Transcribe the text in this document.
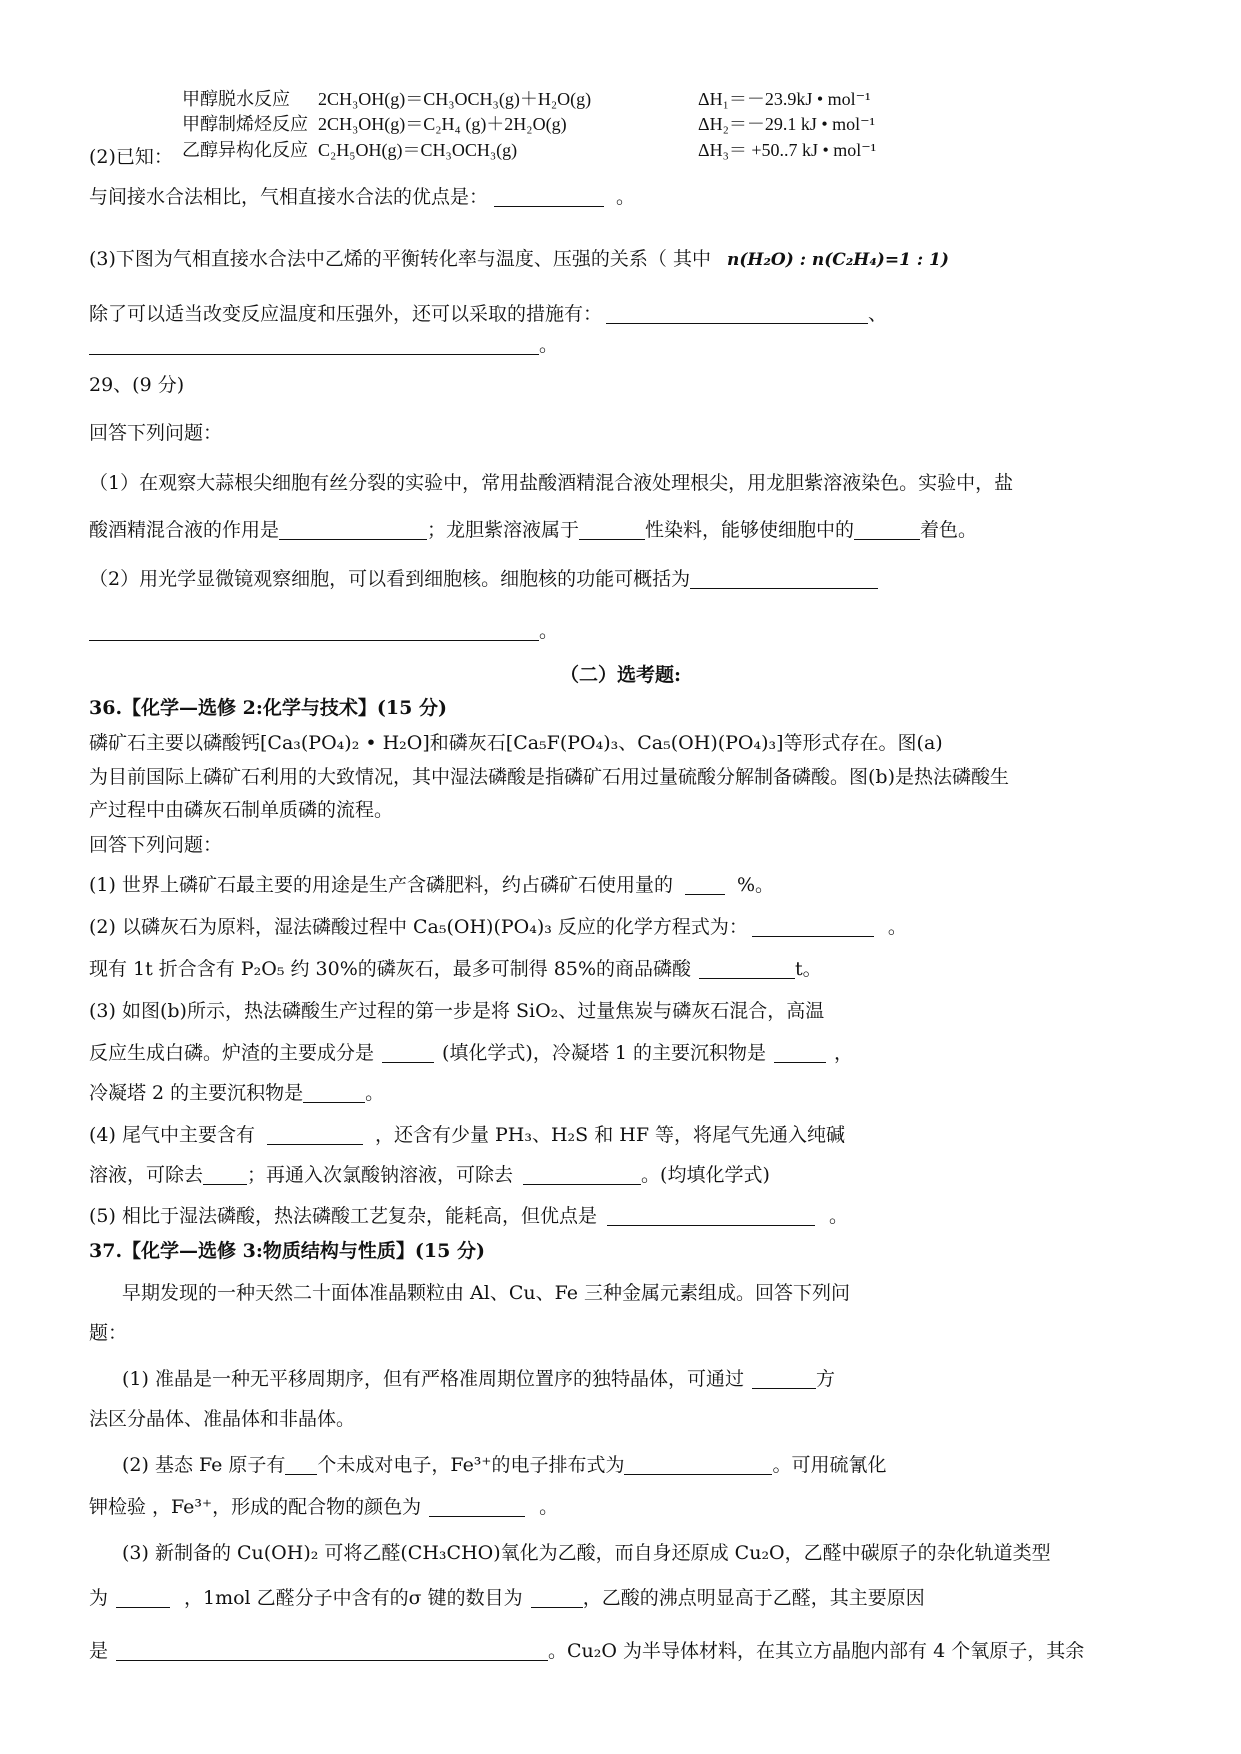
甲醇脱水反应 2CH₃OH(g)＝CH₃OCH₃(g)＋H₂O(g)	ΔH₁＝－23.9kJ • mol⁻¹
甲醇制烯烃反应 2CH₃OH(g)＝C₂H₄ (g)＋2H₂O(g)	ΔH₂＝－29.1 kJ • mol⁻¹
乙醇异构化反应 C₂H₅OH(g)＝CH₃OCH₃(g)	ΔH₃＝ +50..7 kJ • mol⁻¹
(2)已知：
与间接水合法相比，气相直接水合法的优点是：	。
(3)下图为气相直接水合法中乙烯的平衡转化率与温度、压强的关系（ 其中 n(H₂O) : n(C₂H₄)=1 : 1)
除了可以适当改变反应温度和压强外，还可以采取的措施有：	、
。
29、(9 分)
回答下列问题：
（1）在观察大蒜根尖细胞有丝分裂的实验中，常用盐酸酒精混合液处理根尖，用龙胆紫溶液染色。实验中，盐
酸酒精混合液的作用是	；龙胆紫溶液属于	性染料，能够使细胞中的	着色。
（2）用光学显微镜观察细胞，可以看到细胞核。细胞核的功能可概括为
。
（二）选考题:
36.【化学—选修 2:化学与技术】(15 分)
磷矿石主要以磷酸钙[Ca₃(PO₄)₂ • H₂O]和磷灰石[Ca₅F(PO₄)₃、Ca₅(OH)(PO₄)₃]等形式存在。图(a)
为目前国际上磷矿石利用的大致情况，其中湿法磷酸是指磷矿石用过量硫酸分解制备磷酸。图(b)是热法磷酸生
产过程中由磷灰石制单质磷的流程。
回答下列问题：
(1) 世界上磷矿石最主要的用途是生产含磷肥料，约占磷矿石使用量的	%。
(2) 以磷灰石为原料，湿法磷酸过程中 Ca₅(OH)(PO₄)₃ 反应的化学方程式为：	。
现有 1t 折合含有 P₂O₅ 约 30%的磷灰石，最多可制得 85%的商品磷酸	t。
(3) 如图(b)所示，热法磷酸生产过程的第一步是将 SiO₂、过量焦炭与磷灰石混合，高温
反应生成白磷。炉渣的主要成分是	(填化学式)，冷凝塔 1 的主要沉积物是	，
冷凝塔 2 的主要沉积物是	。
(4) 尾气中主要含有	，还含有少量 PH₃、H₂S 和 HF 等，将尾气先通入纯碱
溶液，可除去 ；再通入次氯酸钠溶液，可除去	。(均填化学式)
(5) 相比于湿法磷酸，热法磷酸工艺复杂，能耗高，但优点是	。
37.【化学—选修 3:物质结构与性质】(15 分)
早期发现的一种天然二十面体准晶颗粒由 Al、Cu、Fe 三种金属元素组成。回答下列问
题：
(1) 准晶是一种无平移周期序，但有严格准周期位置序的独特晶体，可通过	方
法区分晶体、准晶体和非晶体。
(2) 基态 Fe 原子有 个未成对电子，Fe³⁺的电子排布式为	。可用硫氰化
钾检验 ，Fe³⁺，形成的配合物的颜色为	。
(3) 新制备的 Cu(OH)₂ 可将乙醛(CH₃CHO)氧化为乙酸，而自身还原成 Cu₂O，乙醛中碳原子的杂化轨道类型
为	，1mol 乙醛分子中含有的σ 键的数目为	，乙酸的沸点明显高于乙醛，其主要原因
是	。Cu₂O 为半导体材料，在其立方晶胞内部有 4 个氧原子，其余
